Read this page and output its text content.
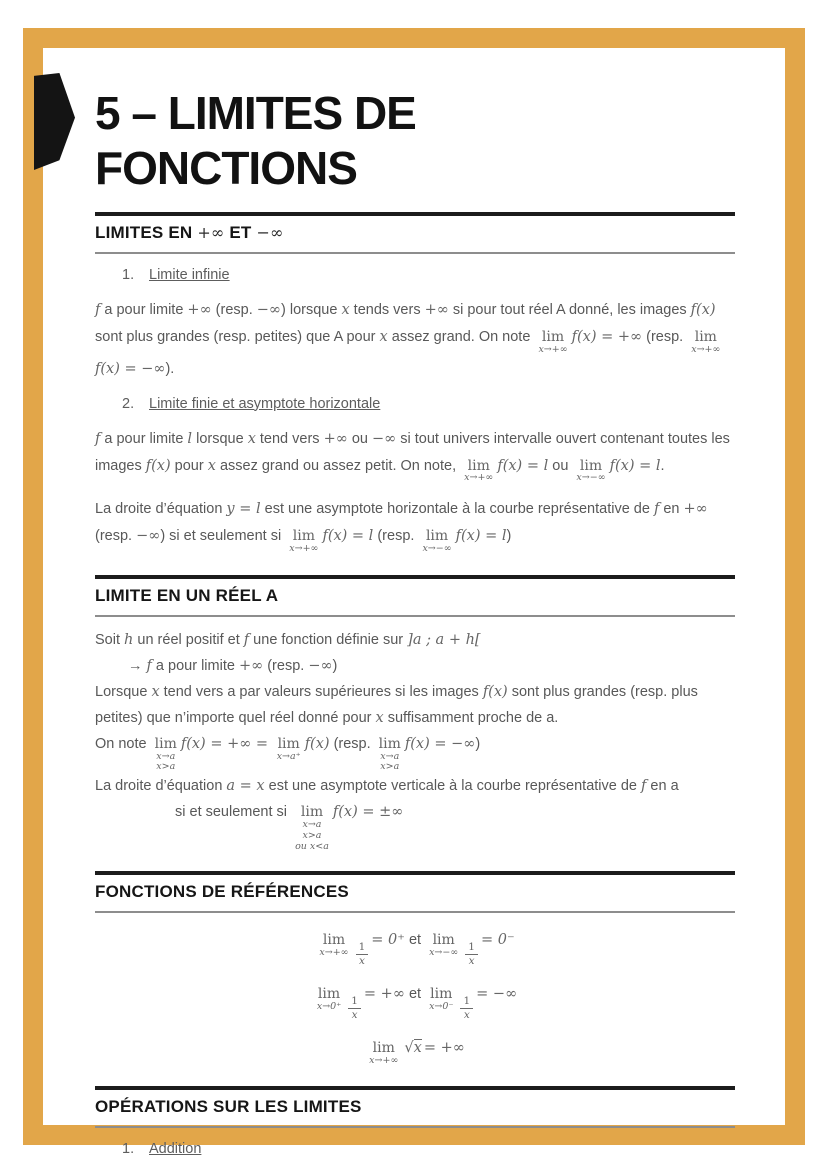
5 – LIMITES DE FONCTIONS
LIMITES EN +∞ ET −∞
1.	Limite infinie

f a pour limite +∞ (resp. −∞) lorsque x tends vers +∞ si pour tout réel A donné, les images f(x) sont plus grandes (resp. petites) que A pour x assez grand. On note lim
x→+∞
f(x) = +∞ (resp. lim
x→+∞
f(x) = −∞).

2.	Limite finie et asymptote horizontale

f a pour limite l lorsque x tend vers +∞ ou −∞ si tout univers intervalle ouvert contenant toutes les images f(x) pour x assez grand ou assez petit. On note, lim
x→+∞
f(x) = l ou lim
x→−∞
f(x) = l.

La droite d’équation y = l est une asymptote horizontale à la courbe représentative de f en +∞ (resp. −∞) si et seulement si lim
x→+∞
f(x) = l (resp. lim
x→−∞
f(x) = l)

LIMITE EN UN RÉEL A

Soit h un réel positif et f une fonction définie sur ]a ; a + h[

→ f a pour limite +∞ (resp. −∞)

Lorsque x tend vers a par valeurs supérieures si les images f(x) sont plus grandes (resp. plus petites) que n’importe quel réel donné pour x suffisamment proche de a.

On note lim
x→a
x>a
f(x) = +∞ = lim
x→a⁺
f(x) (resp. lim
x→a
x>a
f(x) = −∞)

La droite d’équation a = x est une asymptote verticale à la courbe représentative de f en a

si et seulement si lim
x→a
x>a
ou x<a
f(x) = ±∞

FONCTIONS DE RÉFÉRENCES

lim
$x\to+\infty \frac{1}{x}$
= 0⁺ et lim
$x\to-\infty \frac{1}{x}$
= 0⁻

lim
$x\to 0^+ \frac{1}{x}$
= +∞ et lim
$x\to 0^- \frac{1}{x}$
= −∞

lim
x→+∞
√x = +∞

OPÉRATIONS SUR LES LIMITES
1.	Addition
